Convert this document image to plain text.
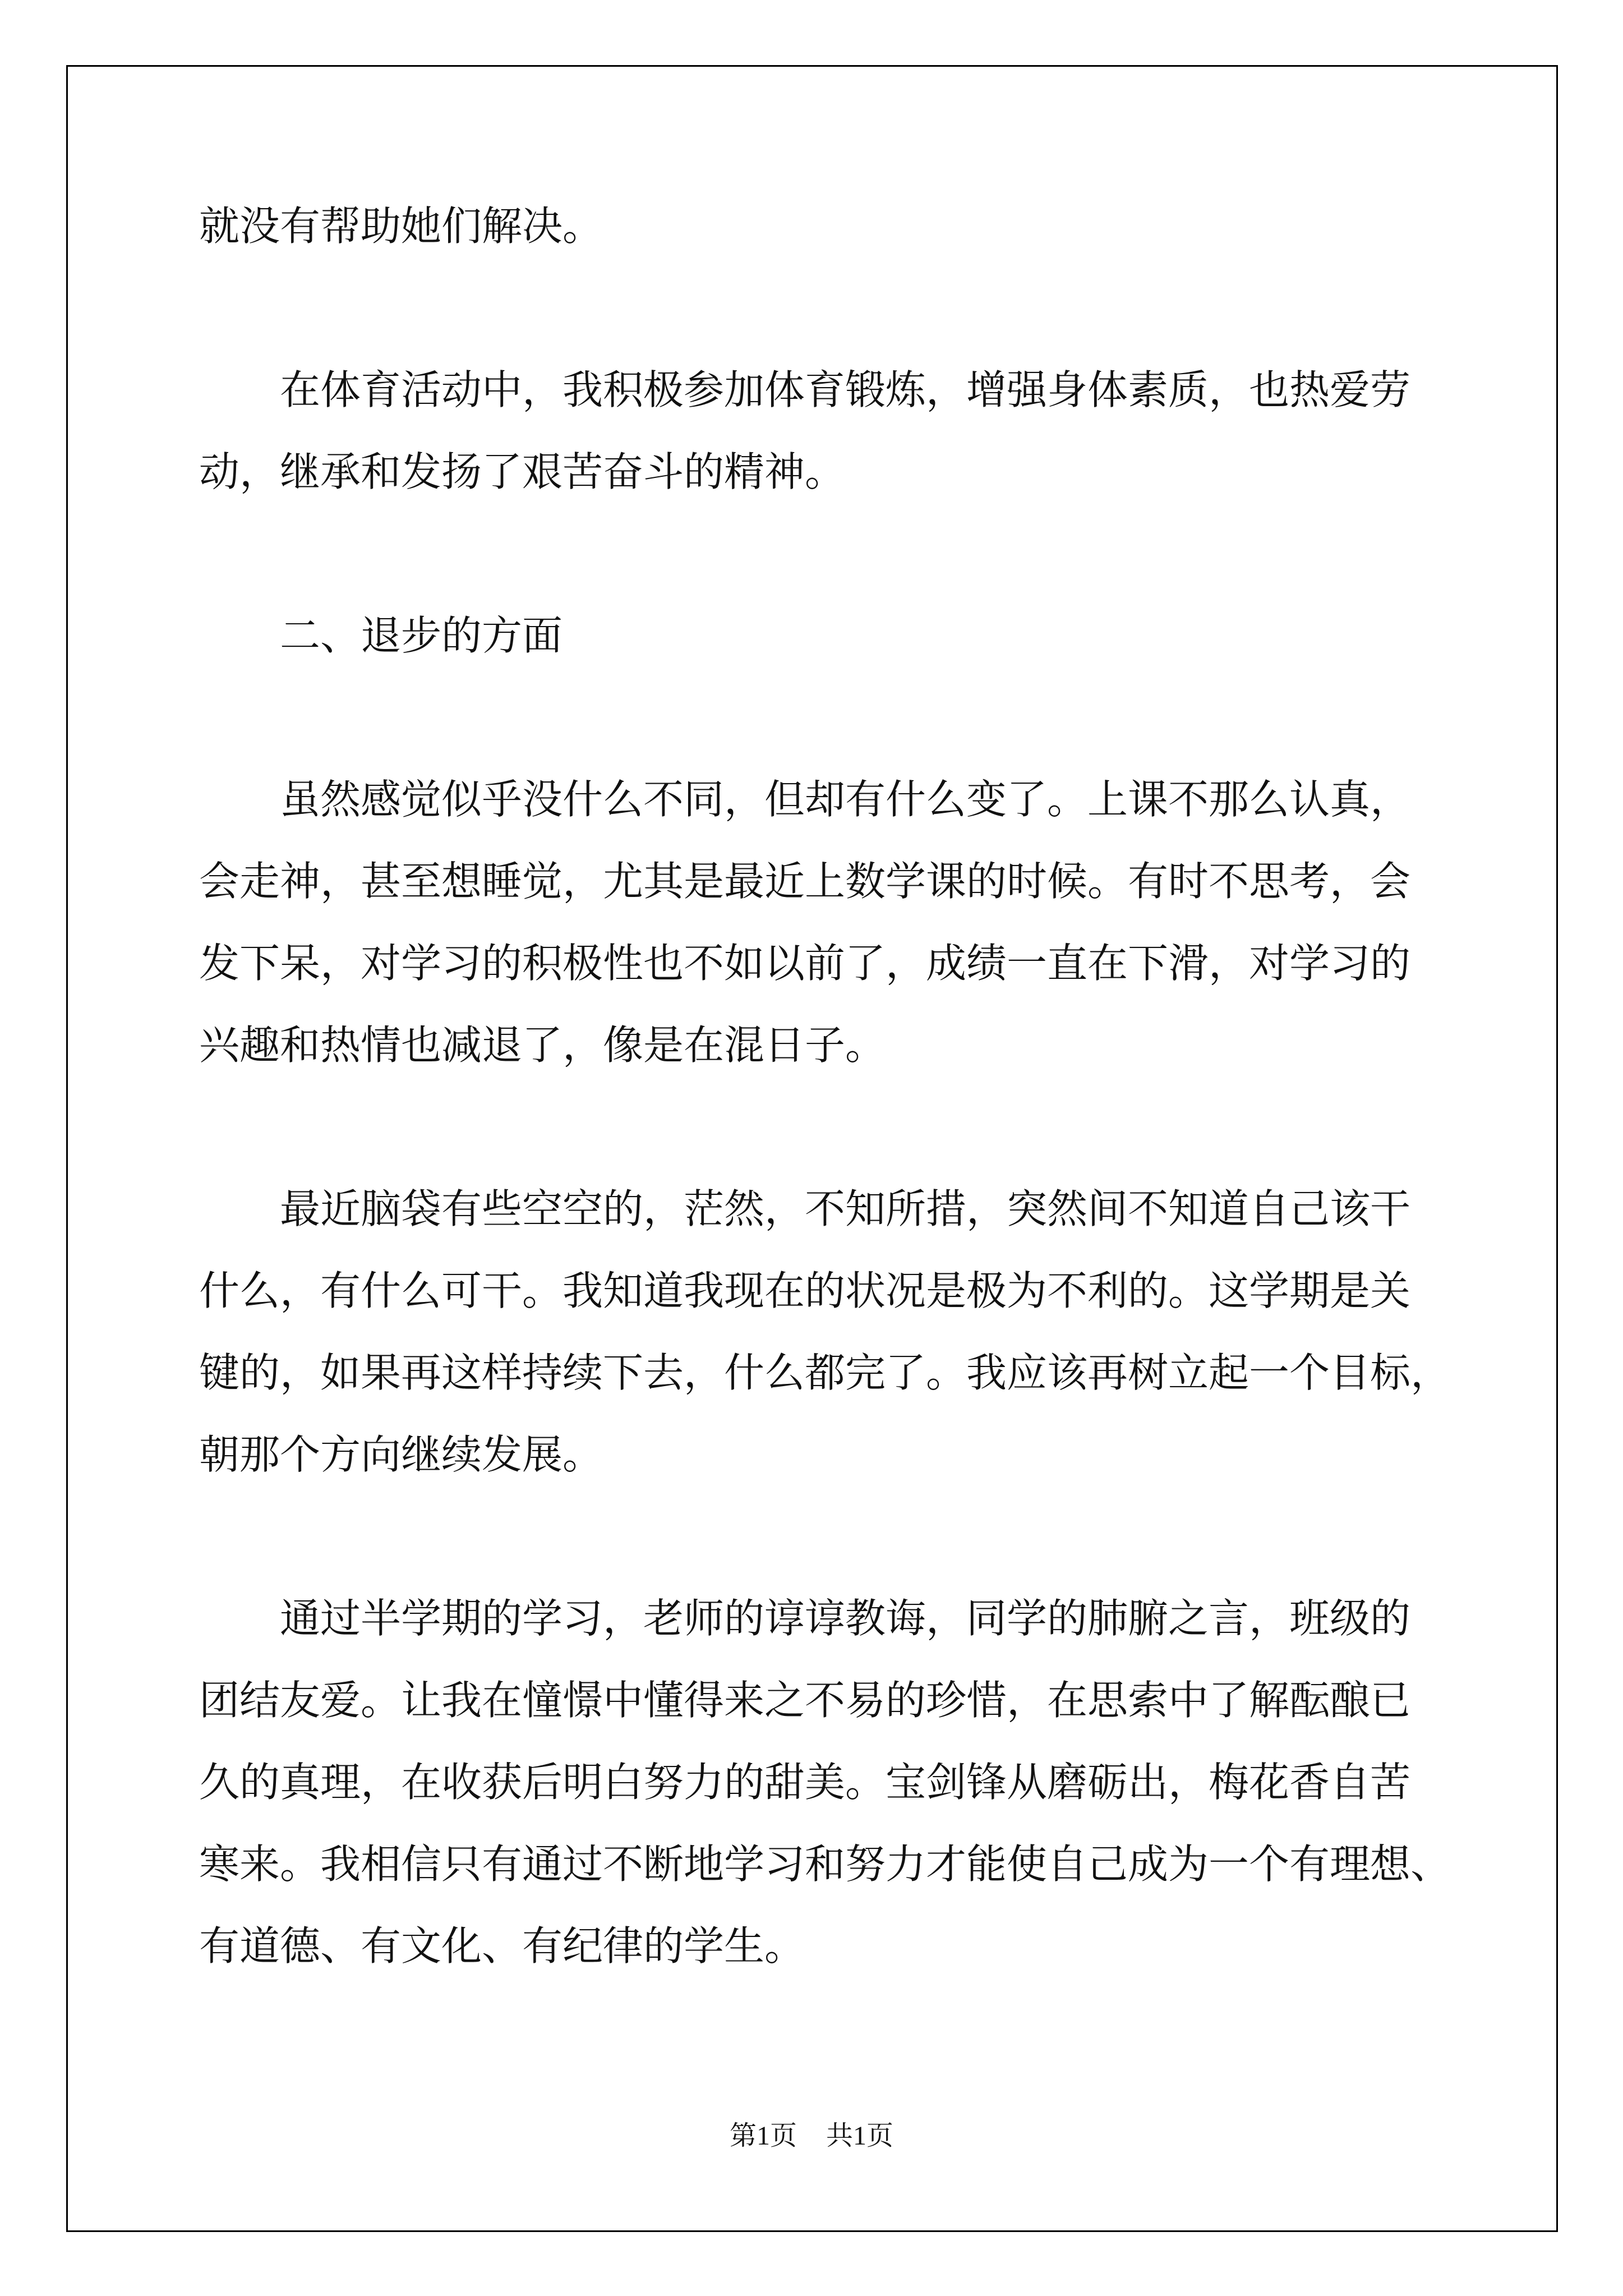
就没有帮助她们解决。

在体育活动中，我积极参加体育锻炼，增强身体素质，也热爱劳
动，继承和发扬了艰苦奋斗的精神。

二、退步的方面

虽然感觉似乎没什么不同，但却有什么变了。上课不那么认真，
会走神，甚至想睡觉，尤其是最近上数学课的时候。有时不思考，会
发下呆，对学习的积极性也不如以前了，成绩一直在下滑，对学习的
兴趣和热情也减退了，像是在混日子。

最近脑袋有些空空的，茫然，不知所措，突然间不知道自己该干
什么，有什么可干。我知道我现在的状况是极为不利的。这学期是关
键的，如果再这样持续下去，什么都完了。我应该再树立起一个目标，
朝那个方向继续发展。

通过半学期的学习，老师的谆谆教诲，同学的肺腑之言，班级的
团结友爱。让我在憧憬中懂得来之不易的珍惜，在思索中了解酝酿已
久的真理，在收获后明白努力的甜美。宝剑锋从磨砺出，梅花香自苦
寒来。我相信只有通过不断地学习和努力才能使自己成为一个有理想、
有道德、有文化、有纪律的学生。

第1页 共1页
